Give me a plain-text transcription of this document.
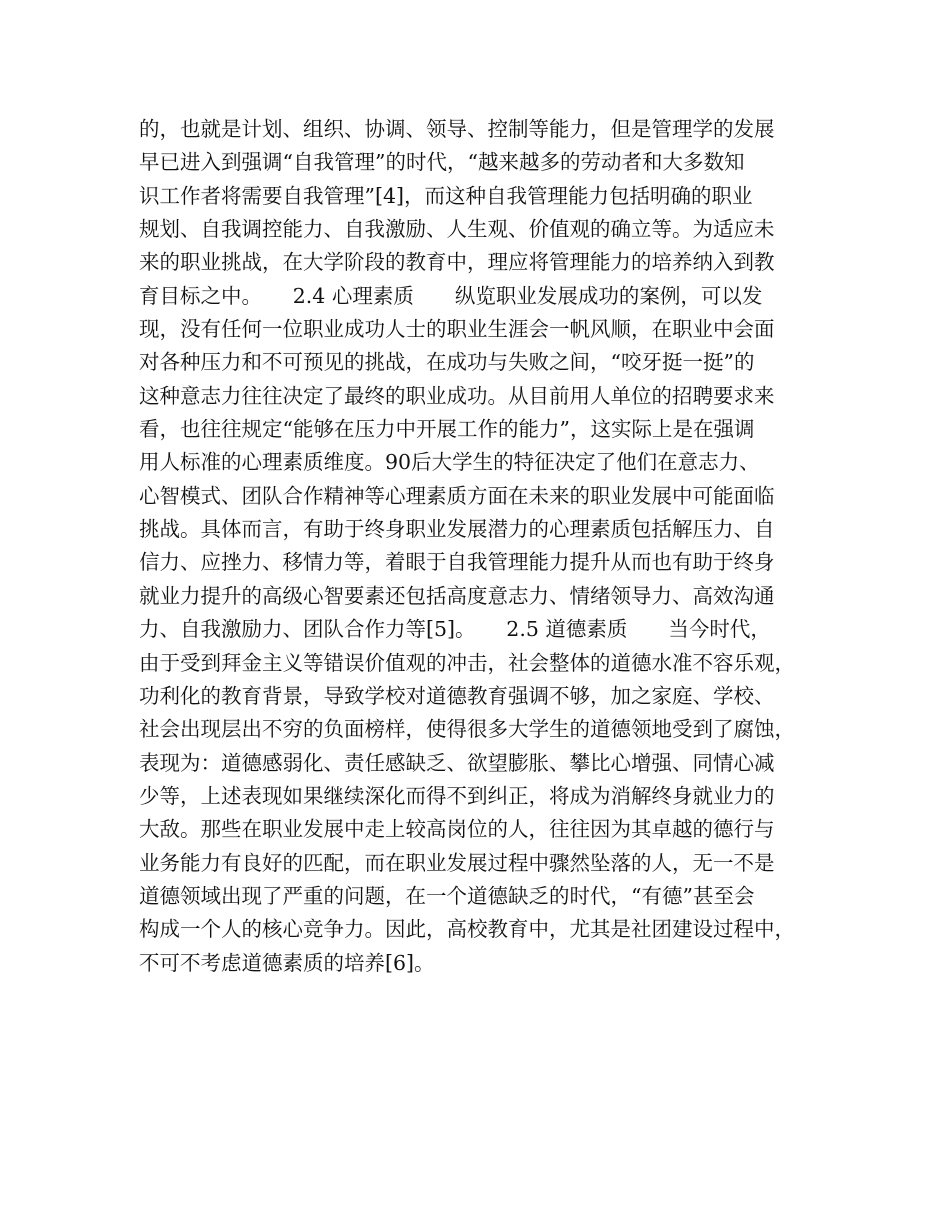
的，也就是计划、组织、协调、领导、控制等能力，但是管理学的发展
早已进入到强调“自我管理”的时代，“越来越多的劳动者和大多数知
识工作者将需要自我管理”[4]，而这种自我管理能力包括明确的职业
规划、自我调控能力、自我激励、人生观、价值观的确立等。为适应未
来的职业挑战，在大学阶段的教育中，理应将管理能力的培养纳入到教
育目标之中。　　2.4 心理素质　　纵览职业发展成功的案例，可以发
现，没有任何一位职业成功人士的职业生涯会一帆风顺，在职业中会面
对各种压力和不可预见的挑战，在成功与失败之间，“咬牙挺一挺”的
这种意志力往往决定了最终的职业成功。从目前用人单位的招聘要求来
看，也往往规定“能够在压力中开展工作的能力”，这实际上是在强调
用人标准的心理素质维度。90后大学生的特征决定了他们在意志力、
心智模式、团队合作精神等心理素质方面在未来的职业发展中可能面临
挑战。具体而言，有助于终身职业发展潜力的心理素质包括解压力、自
信力、应挫力、移情力等，着眼于自我管理能力提升从而也有助于终身
就业力提升的高级心智要素还包括高度意志力、情绪领导力、高效沟通
力、自我激励力、团队合作力等[5]。　　2.5 道德素质　　当今时代，
由于受到拜金主义等错误价值观的冲击，社会整体的道德水准不容乐观，
功利化的教育背景，导致学校对道德教育强调不够，加之家庭、学校、
社会出现层出不穷的负面榜样，使得很多大学生的道德领地受到了腐蚀，
表现为：道德感弱化、责任感缺乏、欲望膨胀、攀比心增强、同情心减
少等，上述表现如果继续深化而得不到纠正，将成为消解终身就业力的
大敌。那些在职业发展中走上较高岗位的人，往往因为其卓越的德行与
业务能力有良好的匹配，而在职业发展过程中骤然坠落的人，无一不是
道德领域出现了严重的问题，在一个道德缺乏的时代，“有德”甚至会
构成一个人的核心竞争力。因此，高校教育中，尤其是社团建设过程中，
不可不考虑道德素质的培养[6]。
